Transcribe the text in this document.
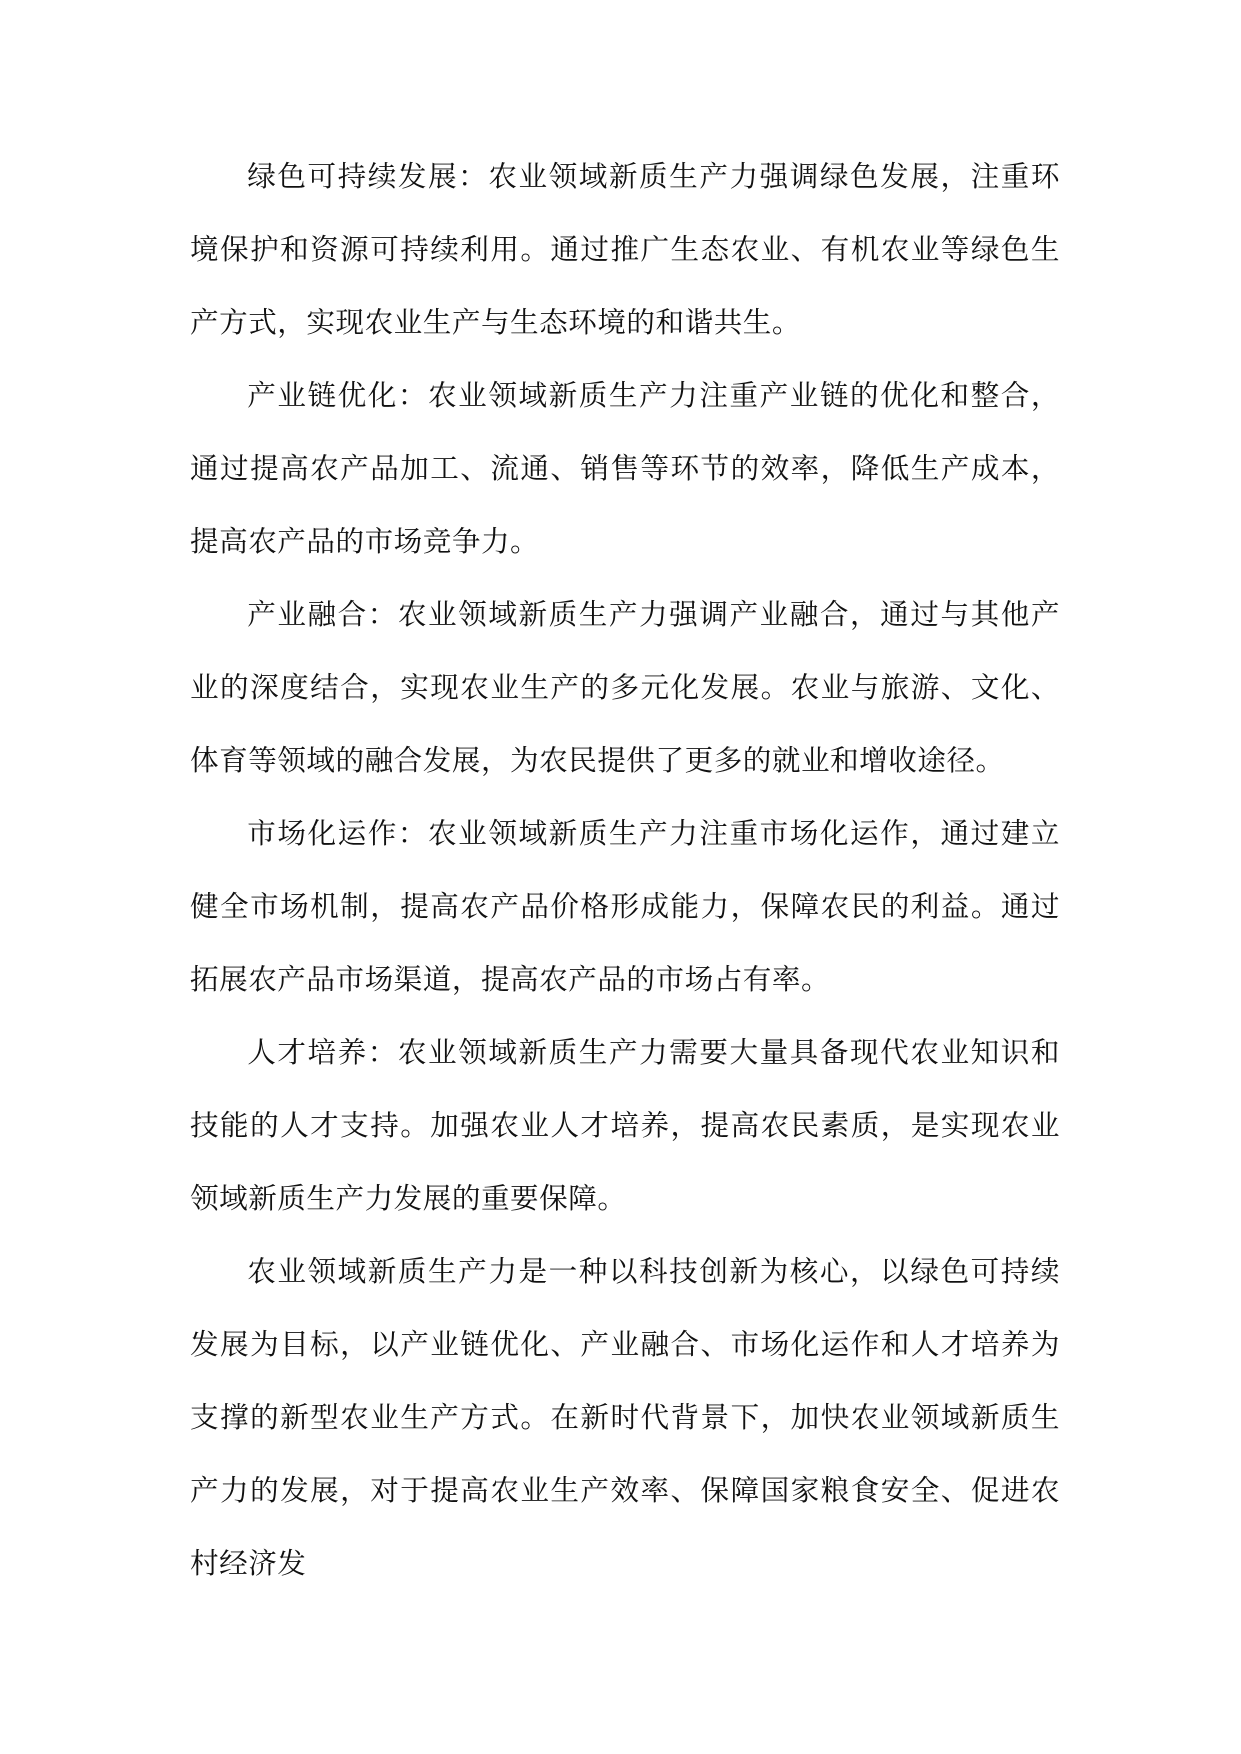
绿色可持续发展：农业领域新质生产力强调绿色发展，注重环境保护和资源可持续利用。通过推广生态农业、有机农业等绿色生产方式，实现农业生产与生态环境的和谐共生。

产业链优化：农业领域新质生产力注重产业链的优化和整合，通过提高农产品加工、流通、销售等环节的效率，降低生产成本，提高农产品的市场竞争力。

产业融合：农业领域新质生产力强调产业融合，通过与其他产业的深度结合，实现农业生产的多元化发展。农业与旅游、文化、体育等领域的融合发展，为农民提供了更多的就业和增收途径。

市场化运作：农业领域新质生产力注重市场化运作，通过建立健全市场机制，提高农产品价格形成能力，保障农民的利益。通过拓展农产品市场渠道，提高农产品的市场占有率。

人才培养：农业领域新质生产力需要大量具备现代农业知识和技能的人才支持。加强农业人才培养，提高农民素质，是实现农业领域新质生产力发展的重要保障。

农业领域新质生产力是一种以科技创新为核心，以绿色可持续发展为目标，以产业链优化、产业融合、市场化运作和人才培养为支撑的新型农业生产方式。在新时代背景下，加快农业领域新质生产力的发展，对于提高农业生产效率、保障国家粮食安全、促进农村经济发
